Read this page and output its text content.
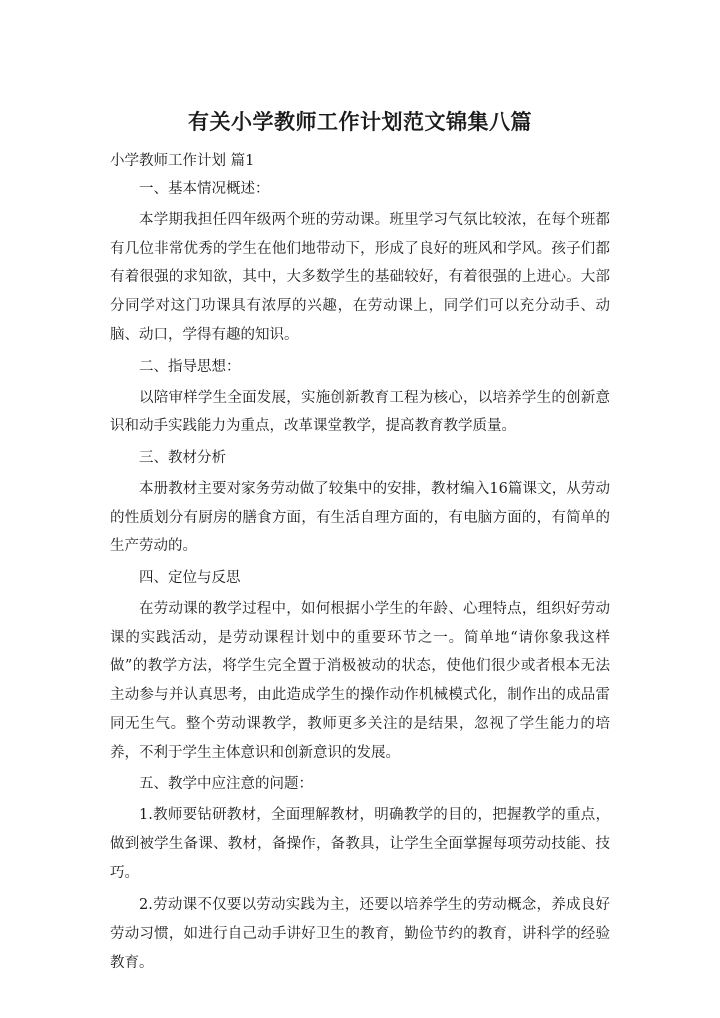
有关小学教师工作计划范文锦集八篇

小学教师工作计划 篇1

一、基本情况概述：

本学期我担任四年级两个班的劳动课。班里学习气氛比较浓，在每个班都有几位非常优秀的学生在他们地带动下，形成了良好的班风和学风。孩子们都有着很强的求知欲，其中，大多数学生的基础较好，有着很强的上进心。大部分同学对这门功课具有浓厚的兴趣，在劳动课上，同学们可以充分动手、动脑、动口，学得有趣的知识。

二、指导思想：

以陪审样学生全面发展，实施创新教育工程为核心，以培养学生的创新意识和动手实践能力为重点，改革课堂教学，提高教育教学质量。

三、教材分析

本册教材主要对家务劳动做了较集中的安排，教材编入16篇课文，从劳动的性质划分有厨房的膳食方面，有生活自理方面的，有电脑方面的，有简单的生产劳动的。

四、定位与反思

在劳动课的教学过程中，如何根据小学生的年龄、心理特点，组织好劳动课的实践活动，是劳动课程计划中的重要环节之一。简单地“请你象我这样做”的教学方法，将学生完全置于消极被动的状态，使他们很少或者根本无法主动参与并认真思考，由此造成学生的操作动作机械模式化，制作出的成品雷同无生气。整个劳动课教学，教师更多关注的是结果，忽视了学生能力的培养，不利于学生主体意识和创新意识的发展。

五、教学中应注意的问题：

1.教师要钻研教材，全面理解教材，明确教学的目的，把握教学的重点，做到被学生备课、教材，备操作，备教具，让学生全面掌握每项劳动技能、技巧。

2.劳动课不仅要以劳动实践为主，还要以培养学生的劳动概念，养成良好劳动习惯，如进行自己动手讲好卫生的教育，勤俭节约的教育，讲科学的经验教育。
